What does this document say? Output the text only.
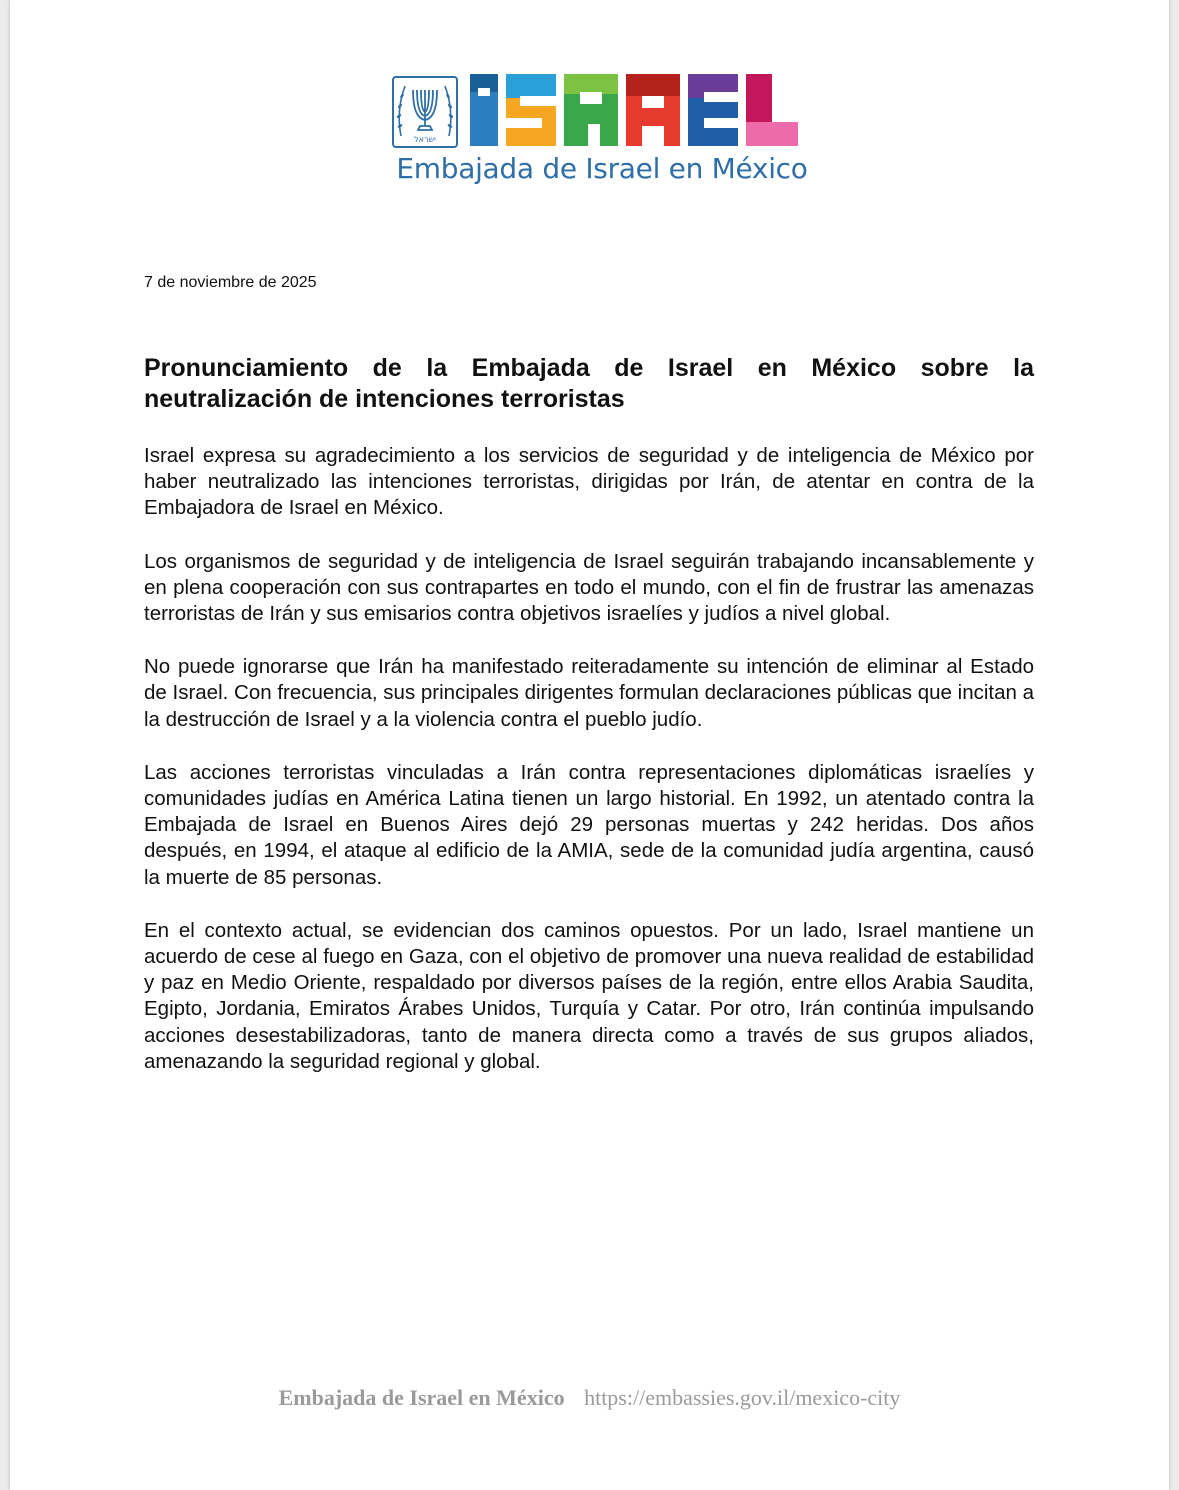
ישראל
Embajada de Israel en México
7 de noviembre de 2025
Pronunciamiento de la Embajada de Israel en México sobre la neutralización de intenciones terroristas

Israel expresa su agradecimiento a los servicios de seguridad y de inteligencia de México por haber neutralizado las intenciones terroristas, dirigidas por Irán, de atentar en contra de la Embajadora de Israel en México.

Los organismos de seguridad y de inteligencia de Israel seguirán trabajando incansablemente y en plena cooperación con sus contrapartes en todo el mundo, con el fin de frustrar las amenazas terroristas de Irán y sus emisarios contra objetivos israelíes y judíos a nivel global.

No puede ignorarse que Irán ha manifestado reiteradamente su intención de eliminar al Estado de Israel. Con frecuencia, sus principales dirigentes formulan declaraciones públicas que incitan a la destrucción de Israel y a la violencia contra el pueblo judío.

Las acciones terroristas vinculadas a Irán contra representaciones diplomáticas israelíes y comunidades judías en América Latina tienen un largo historial. En 1992, un atentado contra la Embajada de Israel en Buenos Aires dejó 29 personas muertas y 242 heridas. Dos años después, en 1994, el ataque al edificio de la AMIA, sede de la comunidad judía argentina, causó la muerte de 85 personas.

En el contexto actual, se evidencian dos caminos opuestos. Por un lado, Israel mantiene un acuerdo de cese al fuego en Gaza, con el objetivo de promover una nueva realidad de estabilidad y paz en Medio Oriente, respaldado por diversos países de la región, entre ellos Arabia Saudita, Egipto, Jordania, Emiratos Árabes Unidos, Turquía y Catar. Por otro, Irán continúa impulsando acciones desestabilizadoras, tanto de manera directa como a través de sus grupos aliados, amenazando la seguridad regional y global.

Embajada de Israel en México https://embassies.gov.il/mexico-city
